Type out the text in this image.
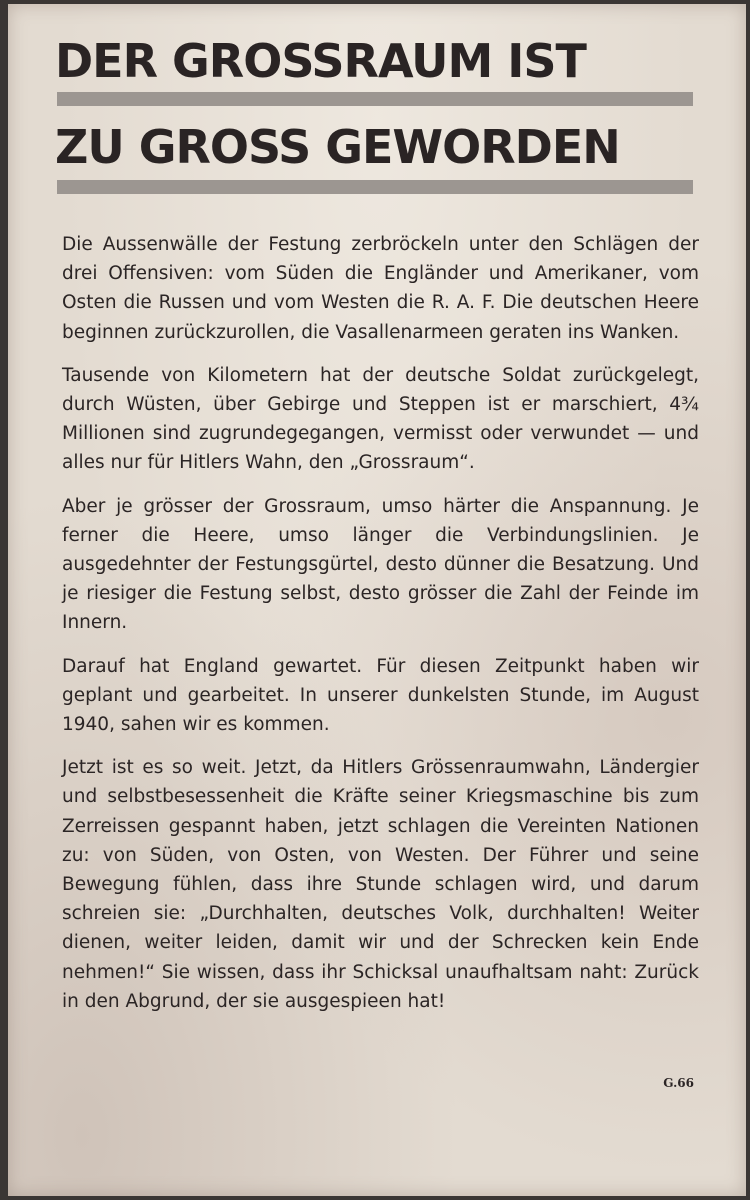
DER GROSSRAUM IST
ZU GROSS GEWORDEN

Die Aussenwälle der Festung zerbröckeln unter den Schlägen der drei Offensiven: vom Süden die Engländer und Amerikaner, vom Osten die Russen und vom Westen die R. A. F. Die deutschen Heere beginnen zurückzurollen, die Vasallenarmeen geraten ins Wanken.

Tausende von Kilometern hat der deutsche Soldat zurückgelegt, durch Wüsten, über Gebirge und Steppen ist er marschiert, 4¾ Millionen sind zugrundegegangen, vermisst oder verwundet — und alles nur für Hitlers Wahn, den „Grossraum“.

Aber je grösser der Grossraum, umso härter die Anspannung. Je ferner die Heere, umso länger die Verbindungslinien. Je ausgedehnter der Festungsgürtel, desto dünner die Besatzung. Und je riesiger die Festung selbst, desto grösser die Zahl der Feinde im Innern.

Darauf hat England gewartet. Für diesen Zeitpunkt haben wir geplant und gearbeitet. In unserer dunkelsten Stunde, im August 1940, sahen wir es kommen.

Jetzt ist es so weit. Jetzt, da Hitlers Grössenraumwahn, Ländergier und selbstbesessenheit die Kräfte seiner Kriegsmaschine bis zum Zerreissen gespannt haben, jetzt schlagen die Vereinten Nationen zu: von Süden, von Osten, von Westen. Der Führer und seine Bewegung fühlen, dass ihre Stunde schlagen wird, und darum schreien sie: „Durchhalten, deutsches Volk, durchhalten! Weiter dienen, weiter leiden, damit wir und der Schrecken kein Ende nehmen!“ Sie wissen, dass ihr Schicksal unaufhaltsam naht: Zurück in den Abgrund, der sie ausgespieen hat!

G.66
